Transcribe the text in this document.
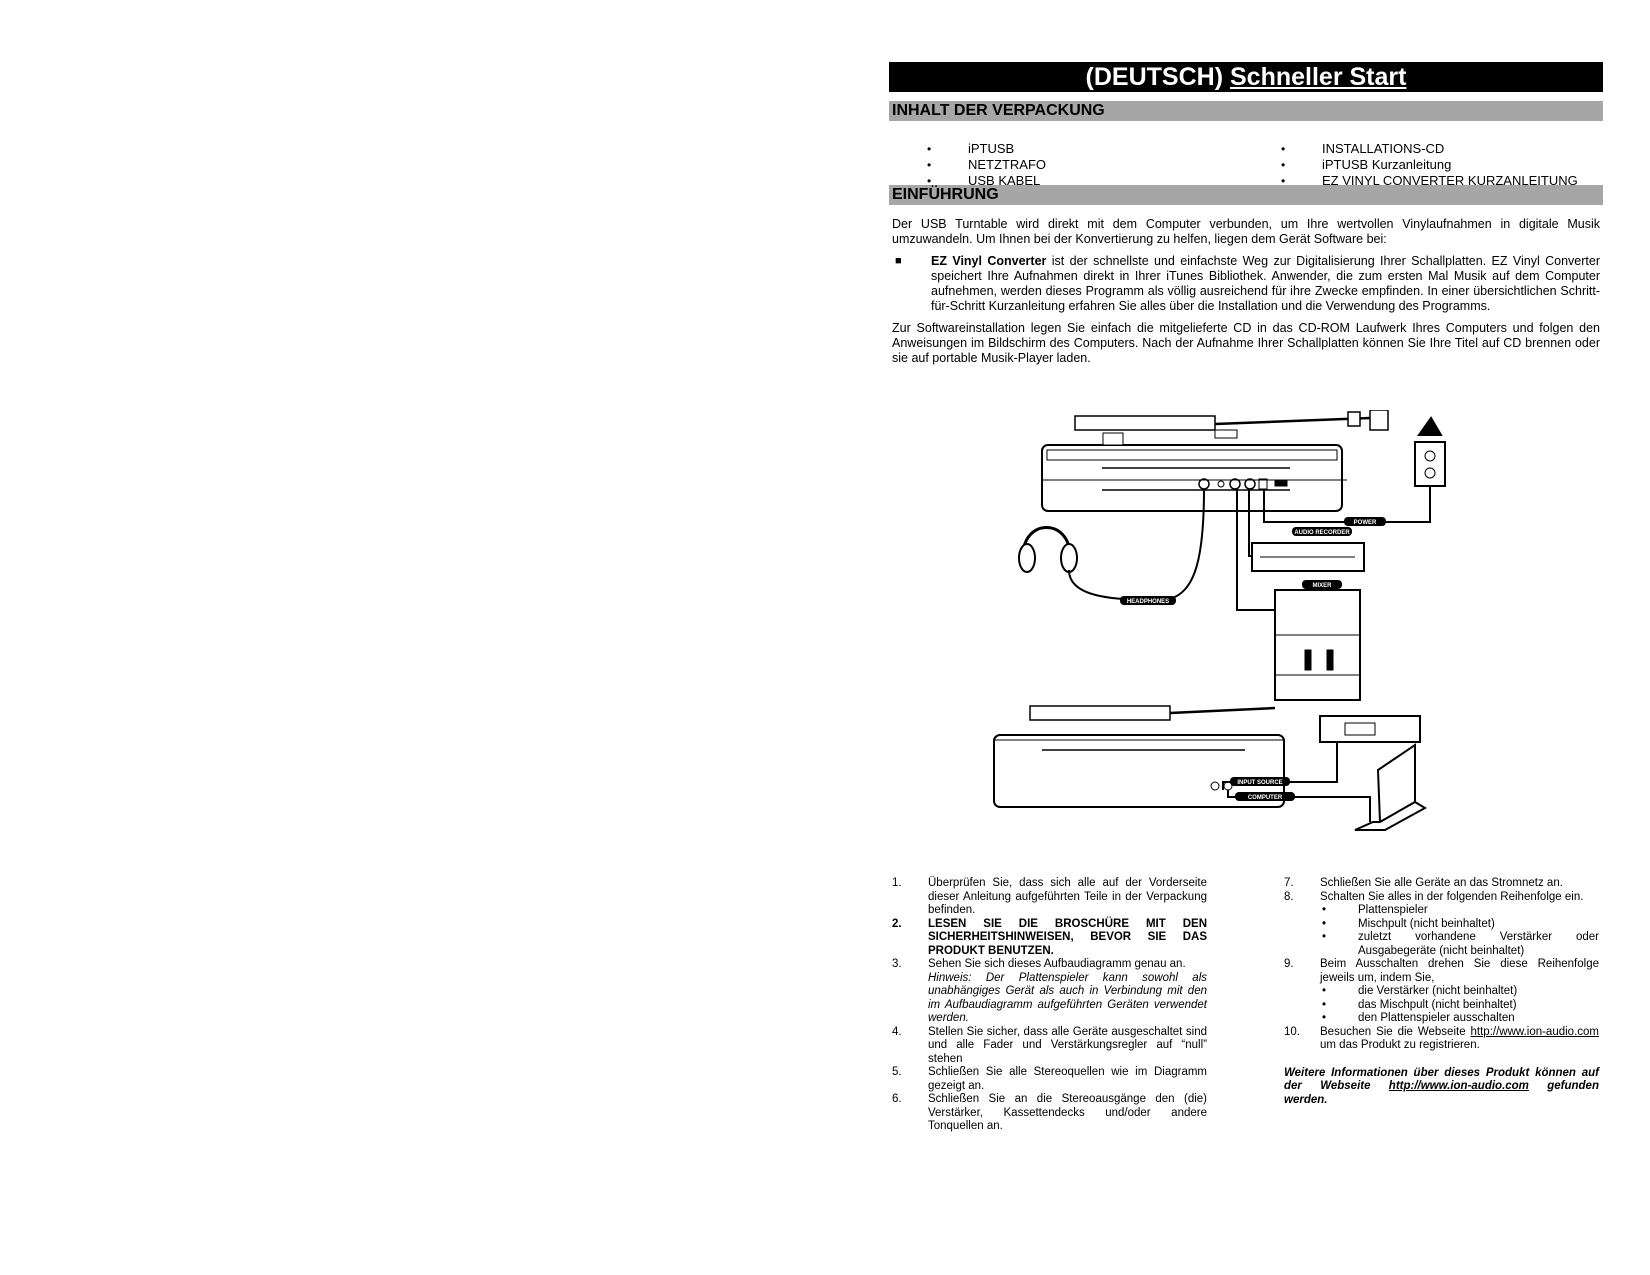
(DEUTSCH) Schneller Start
INHALT DER VERPACKUNG
• iPTUSB
• NETZTRAFO
• USB KABEL
• INSTALLATIONS-CD
• iPTUSB Kurzanleitung
• EZ VINYL CONVERTER KURZANLEITUNG
EINFÜHRUNG
Der USB Turntable wird direkt mit dem Computer verbunden, um Ihre wertvollen Vinylaufnahmen in digitale Musik umzuwandeln. Um Ihnen bei der Konvertierung zu helfen, liegen dem Gerät Software bei:
■ EZ Vinyl Converter ist der schnellste und einfachste Weg zur Digitalisierung Ihrer Schallplatten. EZ Vinyl Converter speichert Ihre Aufnahmen direkt in Ihrer iTunes Bibliothek. Anwender, die zum ersten Mal Musik auf dem Computer aufnehmen, werden dieses Programm als völlig ausreichend für ihre Zwecke empfinden. In einer übersichtlichen Schritt-für-Schritt Kurzanleitung erfahren Sie alles über die Installation und die Verwendung des Programms.
Zur Softwareinstallation legen Sie einfach die mitgelieferte CD in das CD-ROM Laufwerk Ihres Computers und folgen den Anweisungen im Bildschirm des Computers. Nach der Aufnahme Ihrer Schallplatten können Sie Ihre Titel auf CD brennen oder sie auf portable Musik-Player laden.
POWER
AUDIO RECORDER
MIXER
HEADPHONES
INPUT SOURCE
COMPUTER
1. Überprüfen Sie, dass sich alle auf der Vorderseite dieser Anleitung aufgeführten Teile in der Verpackung befinden.
2. LESEN SIE DIE BROSCHÜRE MIT DEN SICHERHEITSHINWEISEN, BEVOR SIE DAS PRODUKT BENUTZEN.
3. Sehen Sie sich dieses Aufbaudiagramm genau an.
Hinweis: Der Plattenspieler kann sowohl als unabhängiges Gerät als auch in Verbindung mit den im Aufbaudiagramm aufgeführten Geräten verwendet werden.
4. Stellen Sie sicher, dass alle Geräte ausgeschaltet sind und alle Fader und Verstärkungsregler auf “null” stehen
5. Schließen Sie alle Stereoquellen wie im Diagramm gezeigt an.
6. Schließen Sie an die Stereoausgänge den (die) Verstärker, Kassettendecks und/oder andere Tonquellen an.
7. Schließen Sie alle Geräte an das Stromnetz an.
8. Schalten Sie alles in der folgenden Reihenfolge ein.
• Plattenspieler
• Mischpult (nicht beinhaltet)
• zuletzt vorhandene Verstärker oder Ausgabegeräte (nicht beinhaltet)
9. Beim Ausschalten drehen Sie diese Reihenfolge jeweils um, indem Sie,
• die Verstärker (nicht beinhaltet)
• das Mischpult (nicht beinhaltet)
• den Plattenspieler ausschalten
10. Besuchen Sie die Webseite http://www.ion-audio.com um das Produkt zu registrieren.
Weitere Informationen über dieses Produkt können auf der Webseite http://www.ion-audio.com gefunden werden.
